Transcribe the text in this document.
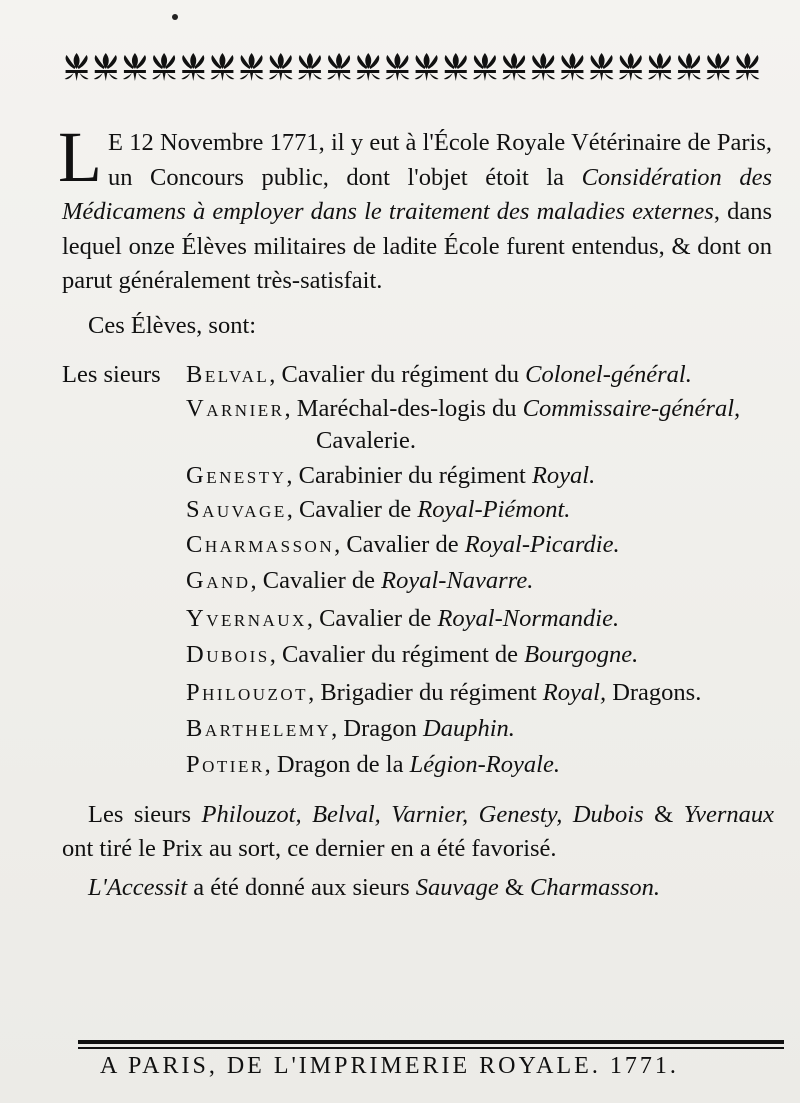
L E 12 Novembre 1771, il y eut à l'École Royale Vétérinaire de Paris, un Concours public, dont l'objet étoit la Considération des Médicamens à employer dans le traitement des maladies externes, dans lequel onze Élèves militaires de ladite École furent entendus, & dont on parut généralement très-satisfait.
Ces Élèves, sont:
Les sieurs Belval, Cavalier du régiment du Colonel-général.
Varnier, Maréchal-des-logis du Commissaire-général,
Genesty, Carabinier du régiment Royal.
Sauvage, Cavalier de Royal-Piémont.
Charmasson, Cavalier de Royal-Picardie.
Gand, Cavalier de Royal-Navarre.
Yvernaux, Cavalier de Royal-Normandie.
Dubois, Cavalier du régiment de Bourgogne.
Philouzot, Brigadier du régiment Royal, Dragons.
Barthelemy, Dragon Dauphin.
Potier, Dragon de la Légion-Royale.
Cavalerie.
Les sieurs Philouzot, Belval, Varnier, Genesty, Dubois & Yvernaux ont tiré le Prix au sort, ce dernier en a été favorisé.
L'Accessit a été donné aux sieurs Sauvage & Charmasson.
A PARIS, DE L'IMPRIMERIE ROYALE. 1771.
